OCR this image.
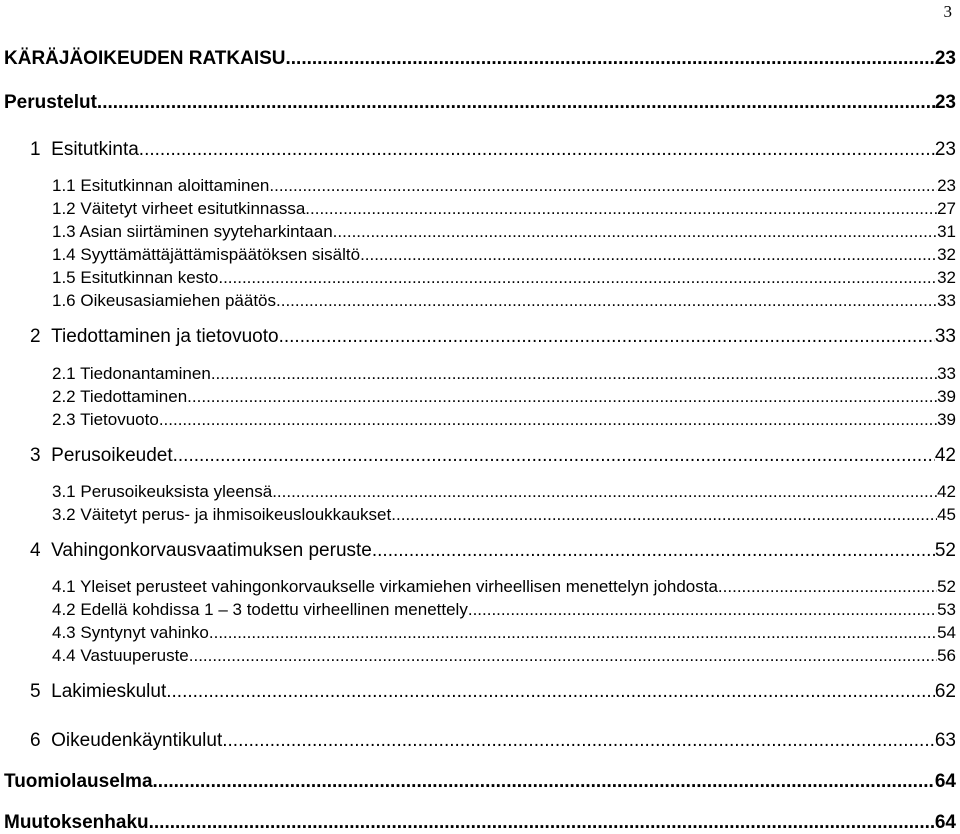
3
KÄRÄJÄOIKEUDEN RATKAISU .....	23
Perustelut .....	23
1 Esitutkinta .....	23
1.1 Esitutkinnan aloittaminen .....	23
1.2 Väitetyt virheet esitutkinnassa .....	27
1.3 Asian siirtäminen syyteharkintaan .....	31
1.4 Syyttämättäjättämispäätöksen sisältö .....	32
1.5 Esitutkinnan kesto .....	32
1.6 Oikeusasiamiehen päätös .....	33
2 Tiedottaminen ja tietovuoto .....	33
2.1 Tiedonantaminen .....	33
2.2 Tiedottaminen .....	39
2.3 Tietovuoto .....	39
3 Perusoikeudet .....	42
3.1 Perusoikeuksista yleensä .....	42
3.2 Väitetyt perus- ja ihmisoikeusloukkaukset .....	45
4 Vahingonkorvausvaatimuksen peruste .....	52
4.1 Yleiset perusteet vahingonkorvaukselle virkamiehen virheellisen menettelyn johdosta .....	52
4.2 Edellä kohdissa 1 – 3 todettu virheellinen menettely .....	53
4.3 Syntynyt vahinko .....	54
4.4 Vastuuperuste .....	56
5 Lakimieskulut .....	62
6 Oikeudenkäyntikulut .....	63
Tuomiolauselma .....	64
Muutoksenhaku .....	64
